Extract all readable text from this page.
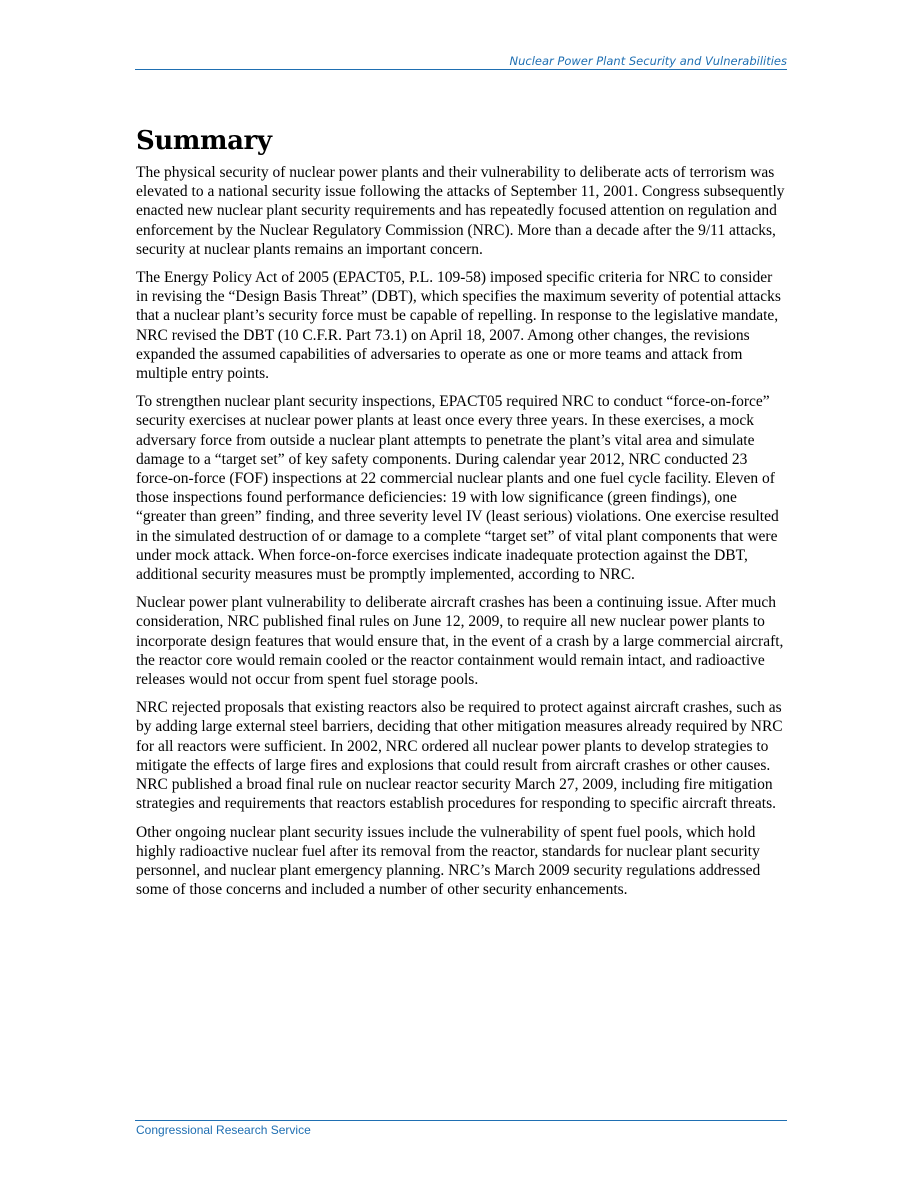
Nuclear Power Plant Security and Vulnerabilities
Summary

The physical security of nuclear power plants and their vulnerability to deliberate acts of terrorism was elevated to a national security issue following the attacks of September 11, 2001. Congress subsequently enacted new nuclear plant security requirements and has repeatedly focused attention on regulation and enforcement by the Nuclear Regulatory Commission (NRC). More than a decade after the 9/11 attacks, security at nuclear plants remains an important concern.

The Energy Policy Act of 2005 (EPACT05, P.L. 109-58) imposed specific criteria for NRC to consider in revising the “Design Basis Threat” (DBT), which specifies the maximum severity of potential attacks that a nuclear plant’s security force must be capable of repelling. In response to the legislative mandate, NRC revised the DBT (10 C.F.R. Part 73.1) on April 18, 2007. Among other changes, the revisions expanded the assumed capabilities of adversaries to operate as one or more teams and attack from multiple entry points.

To strengthen nuclear plant security inspections, EPACT05 required NRC to conduct “force-on-force” security exercises at nuclear power plants at least once every three years. In these exercises, a mock adversary force from outside a nuclear plant attempts to penetrate the plant’s vital area and simulate damage to a “target set” of key safety components. During calendar year 2012, NRC conducted 23 force-on-force (FOF) inspections at 22 commercial nuclear plants and one fuel cycle facility. Eleven of those inspections found performance deficiencies: 19 with low significance (green findings), one “greater than green” finding, and three severity level IV (least serious) violations. One exercise resulted in the simulated destruction of or damage to a complete “target set” of vital plant components that were under mock attack. When force-on-force exercises indicate inadequate protection against the DBT, additional security measures must be promptly implemented, according to NRC.

Nuclear power plant vulnerability to deliberate aircraft crashes has been a continuing issue. After much consideration, NRC published final rules on June 12, 2009, to require all new nuclear power plants to incorporate design features that would ensure that, in the event of a crash by a large commercial aircraft, the reactor core would remain cooled or the reactor containment would remain intact, and radioactive releases would not occur from spent fuel storage pools.

NRC rejected proposals that existing reactors also be required to protect against aircraft crashes, such as by adding large external steel barriers, deciding that other mitigation measures already required by NRC for all reactors were sufficient. In 2002, NRC ordered all nuclear power plants to develop strategies to mitigate the effects of large fires and explosions that could result from aircraft crashes or other causes. NRC published a broad final rule on nuclear reactor security March 27, 2009, including fire mitigation strategies and requirements that reactors establish procedures for responding to specific aircraft threats.

Other ongoing nuclear plant security issues include the vulnerability of spent fuel pools, which hold highly radioactive nuclear fuel after its removal from the reactor, standards for nuclear plant security personnel, and nuclear plant emergency planning. NRC’s March 2009 security regulations addressed some of those concerns and included a number of other security enhancements.

Congressional Research Service
